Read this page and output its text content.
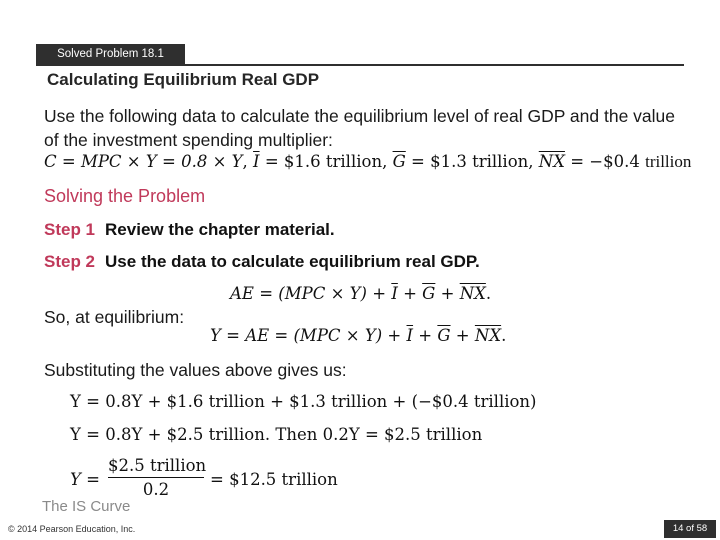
Solved Problem 18.1
Calculating Equilibrium Real GDP
Use the following data to calculate the equilibrium level of real GDP and the value of the investment spending multiplier:
C = MPC × Y = 0.8 × Y, $\overline{I}$ = $1.6 trillion, $\overline{G}$ = $1.3 trillion, $\overline{NX}$ = −$0.4 trillion
Solving the Problem
Step 1 Review the chapter material.
Step 2 Use the data to calculate equilibrium real GDP.
AE = $(MPC \times Y) + \overline{I} + \overline{G} + \overline{NX}$.
So, at equilibrium:
Y = AE = $(MPC \times Y) + \overline{I} + \overline{G} + \overline{NX}$.
Substituting the values above gives us:
Y = 0.8Y + $1.6 trillion + $1.3 trillion + (−$0.4 trillion)
Y = 0.8Y + $2.5 trillion. Then 0.2Y = $2.5 trillion
Y =
$2.5 trillion
0.2
= $12.5 trillion
The IS Curve
© 2014 Pearson Education, Inc.	14 of 58
